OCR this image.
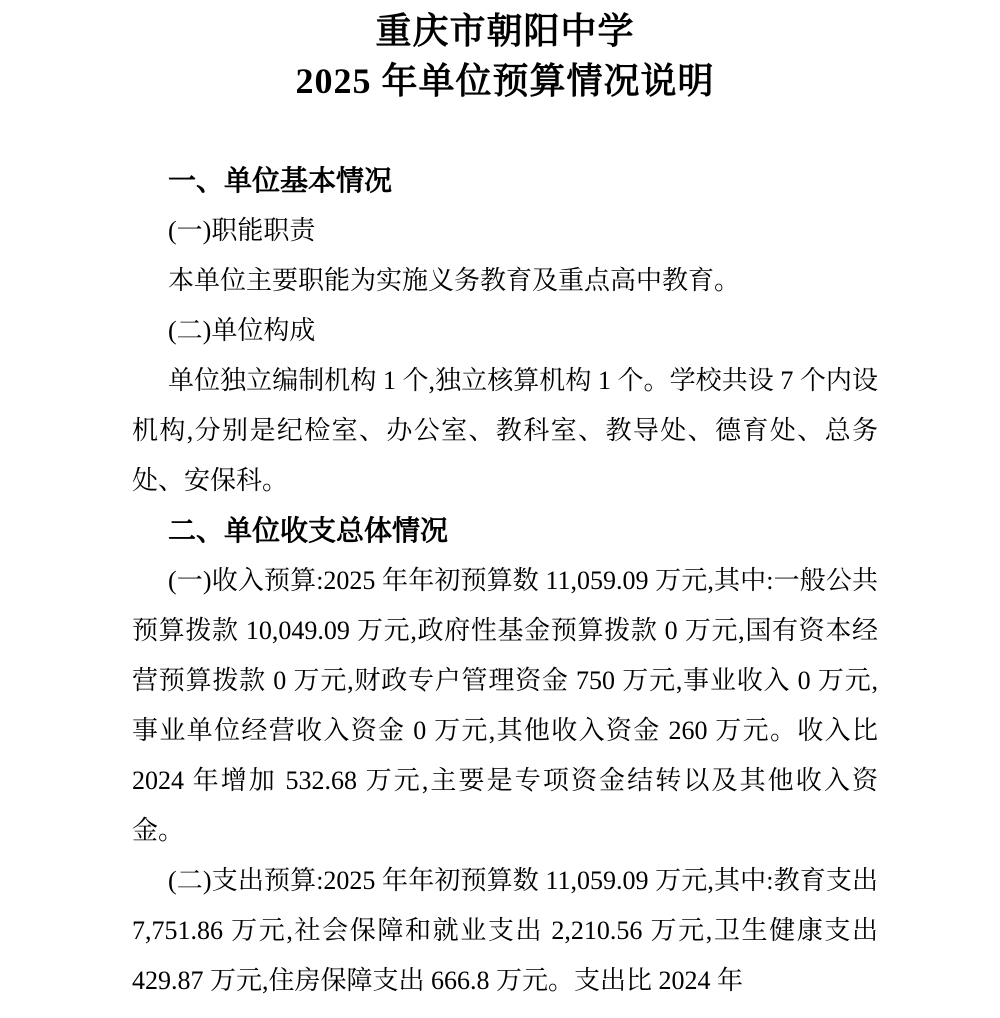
重庆市朝阳中学
2025 年单位预算情况说明
一、单位基本情况

(一)职能职责

本单位主要职能为实施义务教育及重点高中教育。

(二)单位构成

单位独立编制机构 1 个,独立核算机构 1 个。学校共设 7 个内设机构,分别是纪检室、办公室、教科室、教导处、德育处、总务处、安保科。

二、单位收支总体情况

(一)收入预算:2025 年年初预算数 11,059.09 万元,其中:一般公共预算拨款 10,049.09 万元,政府性基金预算拨款 0 万元,国有资本经营预算拨款 0 万元,财政专户管理资金 750 万元,事业收入 0 万元,事业单位经营收入资金 0 万元,其他收入资金 260 万元。收入比 2024 年增加 532.68 万元,主要是专项资金结转以及其他收入资金。

(二)支出预算:2025 年年初预算数 11,059.09 万元,其中:教育支出 7,751.86 万元,社会保障和就业支出 2,210.56 万元,卫生健康支出 429.87 万元,住房保障支出 666.8 万元。支出比 2024 年
